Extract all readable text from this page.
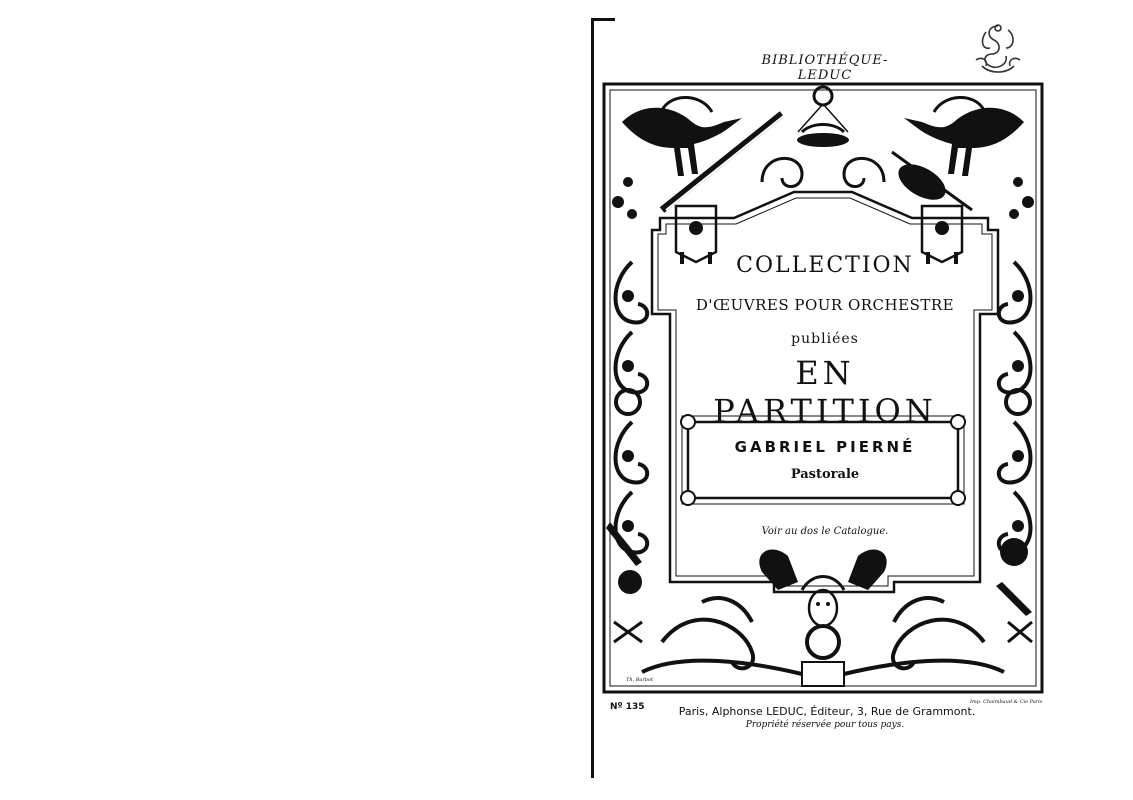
BIBLIOTHÉQUE-LEDUC
COLLECTION
D'ŒUVRES POUR ORCHESTRE
publiées
EN PARTITION
GABRIEL PIERNÉ
Pastorale
Voir au dos le Catalogue.
Th. Barbot
Imp. Chaimbaud & Cie Paris
Nº 135	Paris, Alphonse LEDUC, Éditeur, 3, Rue de Grammont.
Propriété réservée pour tous pays.
